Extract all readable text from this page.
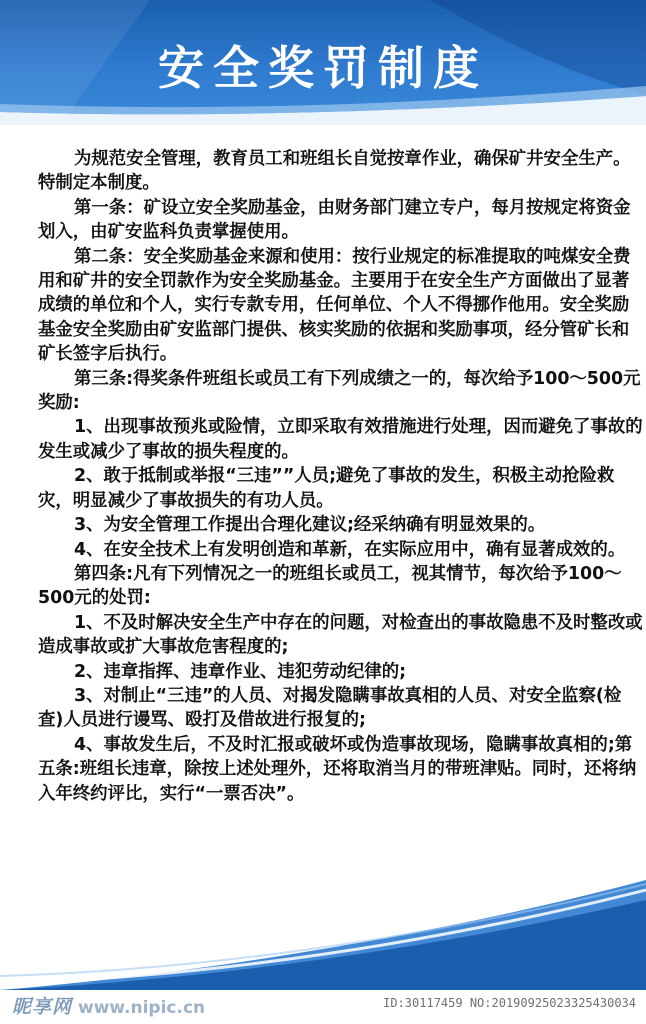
安全奖罚制度

为规范安全管理，教育员工和班组长自觉按章作业，确保矿井安全生产。特制定本制度。

第一条：矿设立安全奖励基金，由财务部门建立专户，每月按规定将资金划入，由矿安监科负责掌握使用。

第二条：安全奖励基金来源和使用：按行业规定的标准提取的吨煤安全费用和矿井的安全罚款作为安全奖励基金。主要用于在安全生产方面做出了显著成绩的单位和个人，实行专款专用，任何单位、个人不得挪作他用。安全奖励基金安全奖励由矿安监部门提供、核实奖励的依据和奖励事项，经分管矿长和矿长签字后执行。

第三条:得奖条件班组长或员工有下列成绩之一的，每次给予100～500元奖励:

1、出现事故预兆或险情，立即采取有效措施进行处理，因而避免了事故的发生或减少了事故的损失程度的。

2、敢于抵制或举报“三违””人员;避免了事故的发生，积极主动抢险救灾，明显减少了事故损失的有功人员。

3、为安全管理工作提出合理化建议;经采纳确有明显效果的。

4、在安全技术上有发明创造和革新，在实际应用中，确有显著成效的。

第四条:凡有下列情况之一的班组长或员工，视其情节，每次给予100～500元的处罚:

1、不及时解决安全生产中存在的问题，对检查出的事故隐患不及时整改或造成事故或扩大事故危害程度的;

2、违章指挥、违章作业、违犯劳动纪律的;

3、对制止“三违”的人员、对揭发隐瞒事故真相的人员、对安全监察(检查)人员进行谩骂、殴打及借故进行报复的;

4、事故发生后，不及时汇报或破坏或伪造事故现场，隐瞒事故真相的;第五条:班组长违章，除按上述处理外，还将取消当月的带班津贴。同时，还将纳入年终约评比，实行“一票否决”。

昵享网 www.nipic.cn	ID:30117459 NO:20190925023325430034
